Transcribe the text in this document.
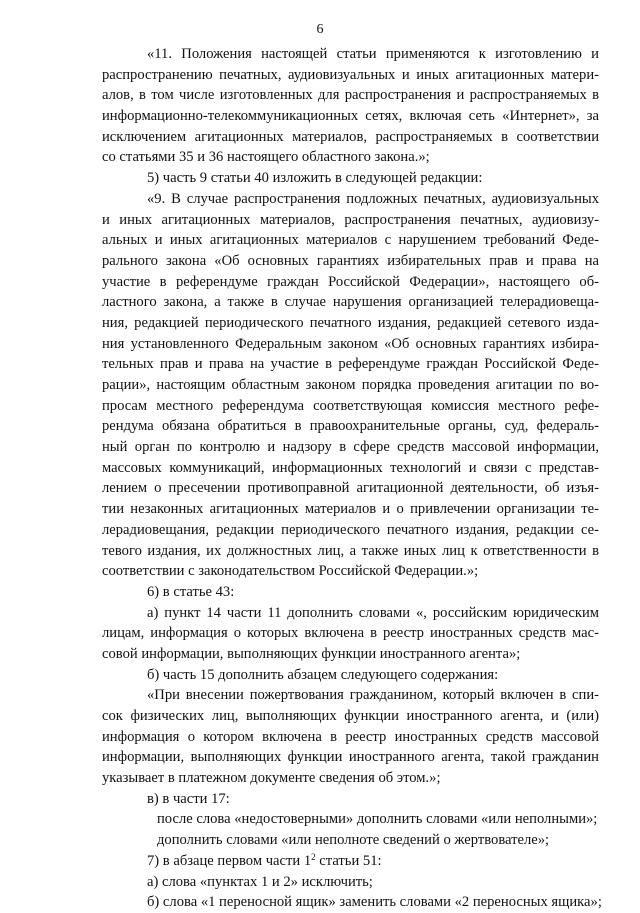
6
«11. Положения настоящей статьи применяются к изготовлению и
распространению печатных, аудиовизуальных и иных агитационных матери-
алов, в том числе изготовленных для распространения и распространяемых в
информационно-телекоммуникационных сетях, включая сеть «Интернет», за
исключением агитационных материалов, распространяемых в соответствии
со статьями 35 и 36 настоящего областного закона.»;
5) часть 9 статьи 40 изложить в следующей редакции:
«9. В случае распространения подложных печатных, аудиовизуальных
и иных агитационных материалов, распространения печатных, аудиовизу-
альных и иных агитационных материалов с нарушением требований Феде-
рального закона «Об основных гарантиях избирательных прав и права на
участие в референдуме граждан Российской Федерации», настоящего об-
ластного закона, а также в случае нарушения организацией телерадиовеща-
ния, редакцией периодического печатного издания, редакцией сетевого изда-
ния установленного Федеральным законом «Об основных гарантиях избира-
тельных прав и права на участие в референдуме граждан Российской Феде-
рации», настоящим областным законом порядка проведения агитации по во-
просам местного референдума соответствующая комиссия местного рефе-
рендума обязана обратиться в правоохранительные органы, суд, федераль-
ный орган по контролю и надзору в сфере средств массовой информации,
массовых коммуникаций, информационных технологий и связи с представ-
лением о пресечении противоправной агитационной деятельности, об изъя-
тии незаконных агитационных материалов и о привлечении организации те-
лерадиовещания, редакции периодического печатного издания, редакции се-
тевого издания, их должностных лиц, а также иных лиц к ответственности в
соответствии с законодательством Российской Федерации.»;
6) в статье 43:
а) пункт 14 части 11 дополнить словами «, российским юридическим
лицам, информация о которых включена в реестр иностранных средств мас-
совой информации, выполняющих функции иностранного агента»;
б) часть 15 дополнить абзацем следующего содержания:
«При внесении пожертвования гражданином, который включен в спи-
сок физических лиц, выполняющих функции иностранного агента, и (или)
информация о котором включена в реестр иностранных средств массовой
информации, выполняющих функции иностранного агента, такой гражданин
указывает в платежном документе сведения об этом.»;
в) в части 17:
после слова «недостоверными» дополнить словами «или неполными»;
дополнить словами «или неполноте сведений о жертвователе»;
7) в абзаце первом части $1^2$ статьи 51:
а) слова «пунктах 1 и 2» исключить;
б) слова «1 переносной ящик» заменить словами «2 переносных ящика»;
